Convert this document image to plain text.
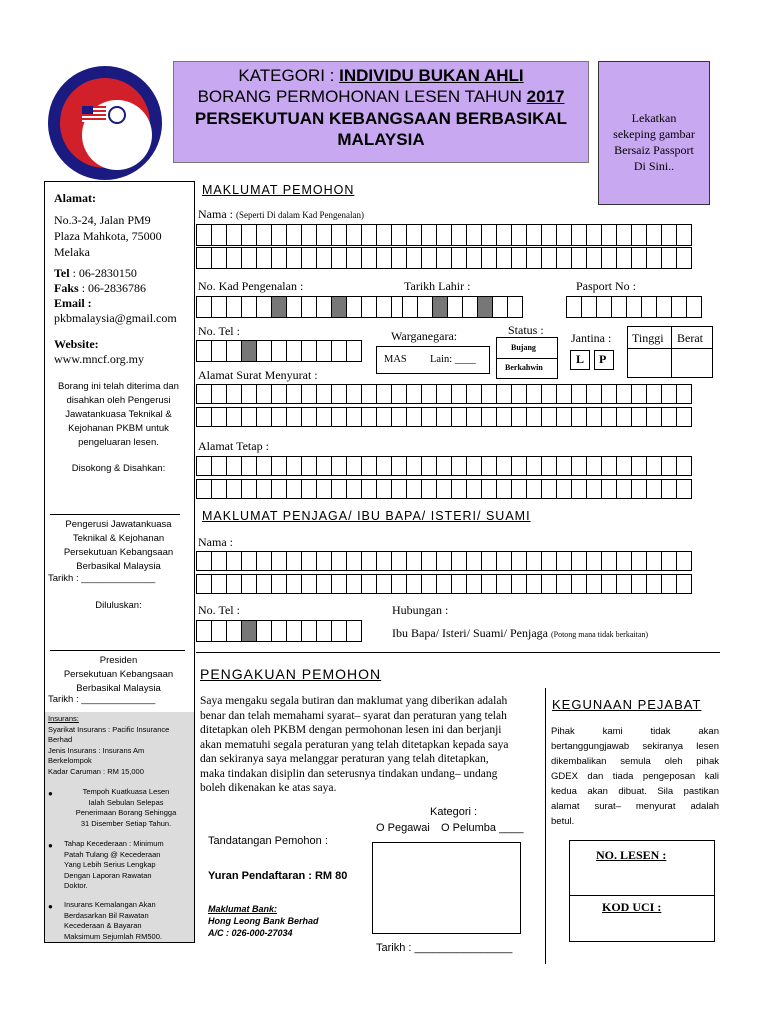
KATEGORI : INDIVIDU BUKAN AHLI
BORANG PERMOHONAN LESEN TAHUN 2017
PERSEKUTUAN KEBANGSAAN BERBASIKAL
MALAYSIA
Lekatkan
sekeping gambar
Bersaiz Passport
Di Sini..
Alamat:
No.3-24, Jalan PM9
Plaza Mahkota, 75000
Melaka
Tel : 06-2830150
Faks : 06-2836786
Email :
pkbmalaysia@gmail.com
Website:
www.mncf.org.my
Borang ini telah diterima dan
disahkan oleh Pengerusi
Jawatankuasa Teknikal &
Kejohanan PKBM untuk
pengeluaran lesen.
Disokong & Disahkan:
Pengerusi Jawatankuasa
Teknikal & Kejohanan
Persekutuan Kebangsaan
Berbasikal Malaysia
Tarikh : ______________
Diluluskan:
Presiden
Persekutuan Kebangsaan
Berbasikal Malaysia
Tarikh : ______________
Insurans:
Syarikat Insurans : Pacific Insurance
Berhad
Jenis Insurans : Insurans Am
Berkelompok
Kadar Caruman : RM 15,000
●	Tempoh Kuatkuasa Lesen
Ialah Sebulan Selepas
Penerimaan Borang Sehingga
31 Disember Setiap Tahun.
● Tahap Kecederaan : Minimum
Patah Tulang @ Kecederaan
Yang Lebih Serius Lengkap
Dengan Laporan Rawatan
Doktor.
● Insurans Kemalangan Akan
Berdasarkan Bil Rawatan
Kecederaan & Bayaran
Maksimum Sejumlah RM500.
MAKLUMAT PEMOHON
Nama : (Seperti Di dalam Kad Pengenalan)
No. Kad Pengenalan :	Tarikh Lahir :	Pasport No :
No. Tel :	Warganegara:
MAS Lain: ____
Status :
Bujang
Berkahwin
Jantina :
L P
Tinggi Berat
Alamat Surat Menyurat :
Alamat Tetap :
MAKLUMAT PENJAGA/ IBU BAPA/ ISTERI/ SUAMI
Nama :
No. Tel :	Hubungan :
Ibu Bapa/ Isteri/ Suami/ Penjaga (Potong mana tidak berkaitan)
PENGAKUAN PEMOHON
Saya mengaku segala butiran dan maklumat yang diberikan adalah
benar dan telah memahami syarat– syarat dan peraturan yang telah
ditetapkan oleh PKBM dengan permohonan lesen ini dan berjanji
akan mematuhi segala peraturan yang telah ditetapkan kepada saya
dan sekiranya saya melanggar peraturan yang telah ditetapkan,
maka tindakan disiplin dan seterusnya tindakan undang– undang
boleh dikenakan ke atas saya.
Kategori :
O Pegawai O Pelumba ____
Tandatangan Pemohon :
Yuran Pendaftaran : RM 80
Maklumat Bank:
Hong Leong Bank Berhad
A/C : 026-000-27034
Tarikh : ________________
KEGUNAAN PEJABAT
Pihak kami tidak akan
bertanggungjawab sekiranya lesen
dikembalikan semula oleh pihak
GDEX dan tiada pengeposan kali
kedua akan dibuat. Sila pastikan
alamat surat– menyurat adalah
betul.
NO. LESEN :
KOD UCI :
